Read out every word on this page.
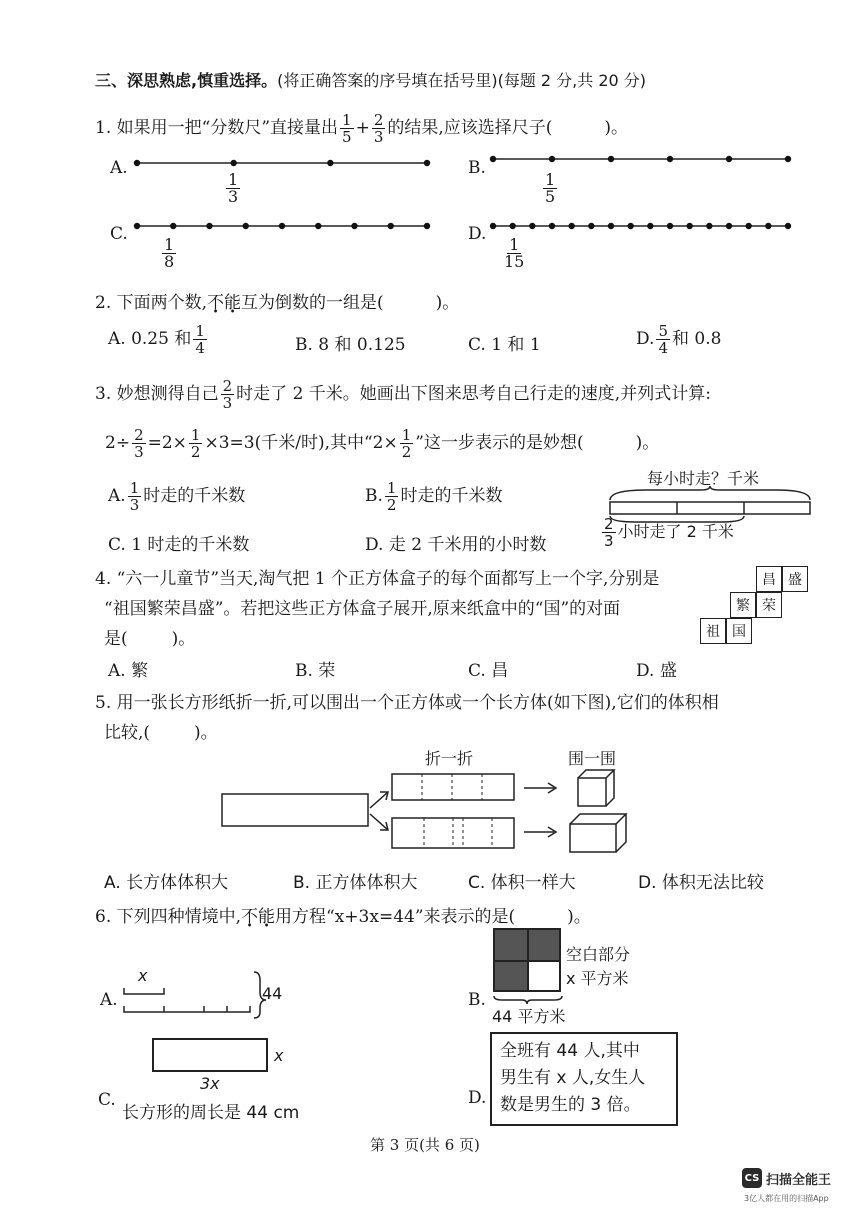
三、深思熟虑,慎重选择。(将正确答案的序号填在括号里)(每题 2 分,共 20 分)
1. 如果用一把“分数尺”直接量出 $\frac{1}{5} + \frac{2}{3}$ 的结果,应该选择尺子(	)。
A.
$\frac{1}{3}$
B.
$\frac{1}{5}$
C.
$\frac{1}{8}$
D.
$\frac{1}{15}$
2. 下面两个数,不能互为倒数的一组是(	)。
A. 0.25 和 $\frac{1}{4}$	B. 8 和 0.125	C. 1 和 1	D. $\frac{5}{4}$ 和 0.8
3. 妙想测得自己 $\frac{2}{3}$ 时走了 2 千米。她画出下图来思考自己行走的速度,并列式计算:
$2\div \frac{2}{3} =2\times \frac{1}{2} \times 3=3$(千米/时),其中“$2\times \frac{1}{2}$ ”这一步表示的是妙想(	)。
A. $\frac{1}{3}$ 时走的千米数	B. $\frac{1}{2}$ 时走的千米数
C. 1 时走的千米数	D. 走 2 千米用的小时数
每小时走？千米
$\frac{2}{3}$ 小时走了 2 千米
4. “六一儿童节”当天,淘气把 1 个正方体盒子的每个面都写上一个字,分别是
“祖国繁荣昌盛”。若把这些正方体盒子展开,原来纸盒中的“国”的对面
是(	)。
昌 盛
繁 荣
祖 国
A. 繁	B. 荣	C. 昌	D. 盛
5. 用一张长方形纸折一折,可以围出一个正方体或一个长方体(如下图),它们的体积相
比较,(	)。
折一折	围一围
A. 长方体体积大	B. 正方体体积大	C. 体积一样大	D. 体积无法比较
6. 下列四种情境中,不能用方程“x+3x=44”来表示的是(	)。
A.
x
44	B.
空白部分
x 平方米
44 平方米
x
3x
C.
长方形的周长是 44 cm
D.
全班有 44 人,其中
男生有 x 人,女生人
数是男生的 3 倍。
第 3 页(共 6 页)
CS 扫描全能王
3亿人都在用的扫描App
